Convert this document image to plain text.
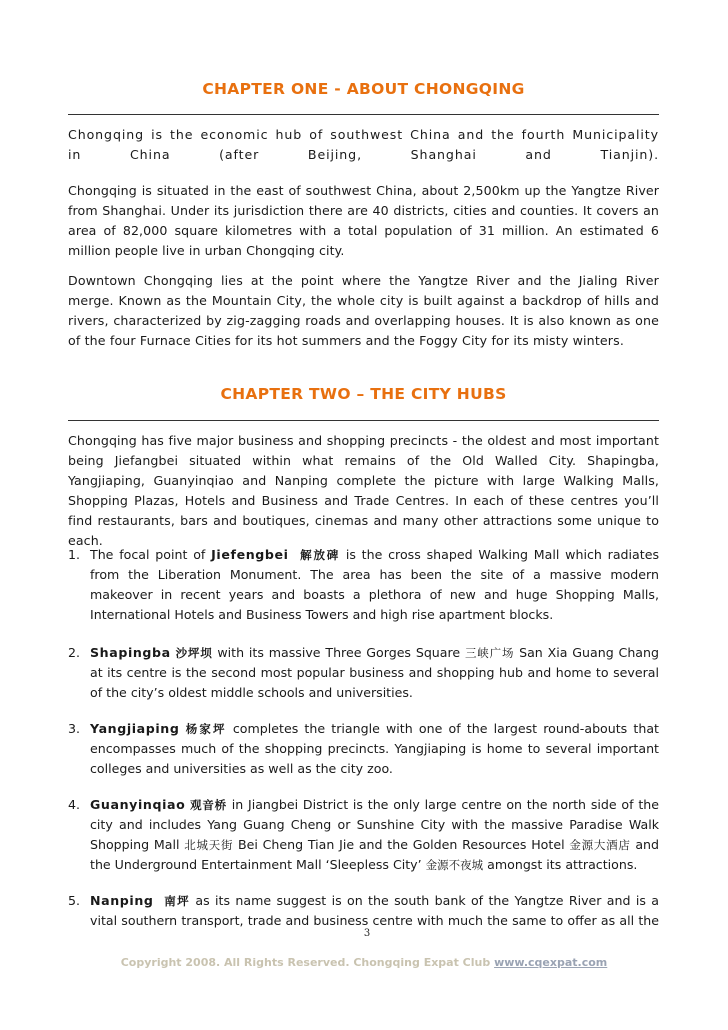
CHAPTER ONE - ABOUT CHONGQING

Chongqing is the economic hub of southwest China and the fourth Municipality in China (after Beijing, Shanghai and Tianjin).

Chongqing is situated in the east of southwest China, about 2,500km up the Yangtze River from Shanghai. Under its jurisdiction there are 40 districts, cities and counties. It covers an area of 82,000 square kilometres with a total population of 31 million. An estimated 6 million people live in urban Chongqing city.

Downtown Chongqing lies at the point where the Yangtze River and the Jialing River merge. Known as the Mountain City, the whole city is built against a backdrop of hills and rivers, characterized by zig-zagging roads and overlapping houses. It is also known as one of the four Furnace Cities for its hot summers and the Foggy City for its misty winters.

CHAPTER TWO – THE CITY HUBS

Chongqing has five major business and shopping precincts - the oldest and most important being Jiefangbei situated within what remains of the Old Walled City. Shapingba, Yangjiaping, Guanyinqiao and Nanping complete the picture with large Walking Malls, Shopping Plazas, Hotels and Business and Trade Centres. In each of these centres you’ll find restaurants, bars and boutiques, cinemas and many other attractions some unique to each.

1. The focal point of Jiefengbei 解放碑 is the cross shaped Walking Mall which radiates from the Liberation Monument. The area has been the site of a massive modern makeover in recent years and boasts a plethora of new and huge Shopping Malls, International Hotels and Business Towers and high rise apartment blocks.
2. Shapingba 沙坪坝 with its massive Three Gorges Square 三峡广场 San Xia Guang Chang at its centre is the second most popular business and shopping hub and home to several of the city’s oldest middle schools and universities.
3. Yangjiaping 杨家坪 completes the triangle with one of the largest round-abouts that encompasses much of the shopping precincts. Yangjiaping is home to several important colleges and universities as well as the city zoo.
4. Guanyinqiao 观音桥 in Jiangbei District is the only large centre on the north side of the city and includes Yang Guang Cheng or Sunshine City with the massive Paradise Walk Shopping Mall 北城天街 Bei Cheng Tian Jie and the Golden Resources Hotel 金源大酒店 and the Underground Entertainment Mall ‘Sleepless City’ 金源不夜城 amongst its attractions.
5. Nanping 南坪 as its name suggest is on the south bank of the Yangtze River and is a vital southern transport, trade and business centre with much the same to offer as all the
3
Copyright 2008. All Rights Reserved. Chongqing Expat Club www.cqexpat.com
